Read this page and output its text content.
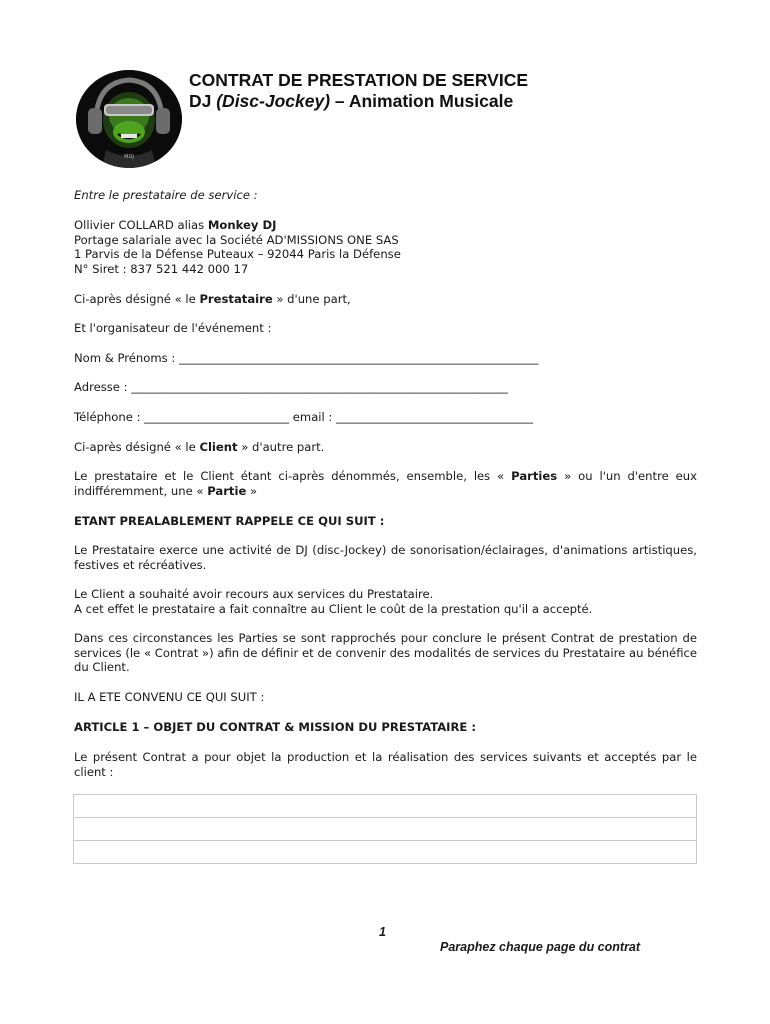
MDJ
CONTRAT DE PRESTATION DE SERVICE
DJ (Disc-Jockey) – Animation Musicale
Entre le prestataire de service :
Ollivier COLLARD alias Monkey DJ
Portage salariale avec la Société AD'MISSIONS ONE SAS
1 Parvis de la Défense Puteaux – 92044 Paris la Défense
N° Siret : 837 521 442 000 17
Ci-après désigné « le Prestataire » d'une part,
Et l'organisateur de l'événement :
Nom & Prénoms : ______________________________________________________________
Adresse : _________________________________________________________________
Téléphone : _________________________ email : __________________________________
Ci-après désigné « le Client » d'autre part.
Le prestataire et le Client étant ci-après dénommés, ensemble, les « Parties » ou l'un d'entre eux indifféremment, une « Partie »
ETANT PREALABLEMENT RAPPELE CE QUI SUIT :
Le Prestataire exerce une activité de DJ (disc-Jockey) de sonorisation/éclairages, d'animations artistiques, festives et récréatives.
Le Client a souhaité avoir recours aux services du Prestataire.
A cet effet le prestataire a fait connaître au Client le coût de la prestation qu'il a accepté.
Dans ces circonstances les Parties se sont rapprochés pour conclure le présent Contrat de prestation de services (le « Contrat ») afin de définir et de convenir des modalités de services du Prestataire au bénéfice du Client.
IL A ETE CONVENU CE QUI SUIT :
ARTICLE 1 – OBJET DU CONTRAT & MISSION DU PRESTATAIRE :
Le présent Contrat a pour objet la production et la réalisation des services suivants et acceptés par le client :

1
Paraphez chaque page du contrat
